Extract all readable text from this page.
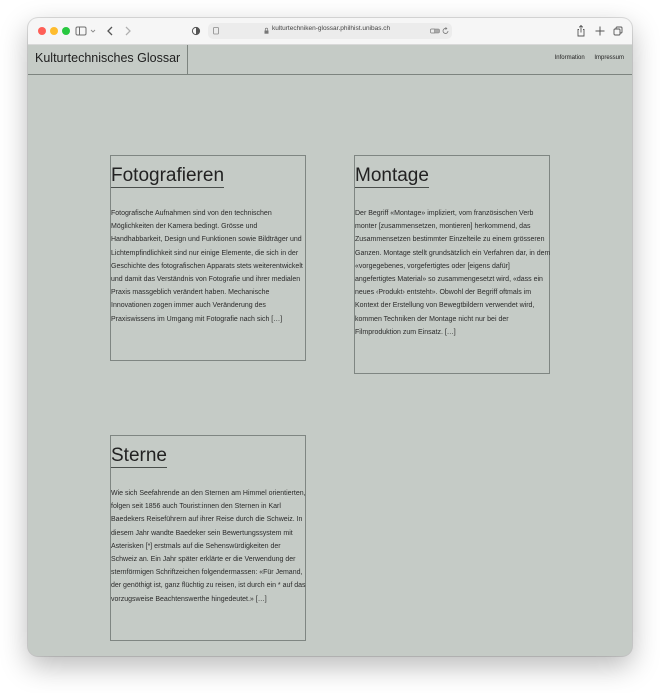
kulturtechniken-glossar.philhist.unibas.ch
Kulturtechnisches Glossar	Information Impressum
Fotografieren

Fotografische Aufnahmen sind von den technischen Möglichkeiten der Kamera bedingt. Grösse und Handhabbarkeit, Design und Funktionen sowie Bildträger und Lichtempfindlichkeit sind nur einige Elemente, die sich in der Geschichte des fotografischen Apparats stets weiterentwickelt und damit das Verständnis von Fotografie und ihrer medialen Praxis massgeblich verändert haben. Mechanische Innovationen zogen immer auch Veränderung des Praxiswissens im Umgang mit Fotografie nach sich […]

Montage

Der Begriff «Montage» impliziert, vom französischen Verb monter [zusammensetzen, montieren] herkommend, das Zusammensetzen bestimmter Einzelteile zu einem grösseren Ganzen. Montage stellt grundsätzlich ein Verfahren dar, in dem «vorgegebenes, vorgefertigtes oder [eigens dafür] angefertigtes Material» so zusammengesetzt wird, «dass ein neues ‹Produkt› entsteht». Obwohl der Begriff oftmals im Kontext der Erstellung von Bewegtbildern verwendet wird, kommen Techniken der Montage nicht nur bei der Filmproduktion zum Einsatz. […]

Sterne

Wie sich Seefahrende an den Sternen am Himmel orientierten, folgen seit 1856 auch Tourist:innen den Sternen in Karl Baedekers Reiseführern auf ihrer Reise durch die Schweiz. In diesem Jahr wandte Baedeker sein Bewertungssystem mit Asterisken [*] erstmals auf die Sehenswürdigkeiten der Schweiz an. Ein Jahr später erklärte er die Verwendung der sternförmigen Schriftzeichen folgendermassen: «Für Jemand, der genöthigt ist, ganz flüchtig zu reisen, ist durch ein * auf das vorzugsweise Beachtenswerthe hingedeutet.» […]
